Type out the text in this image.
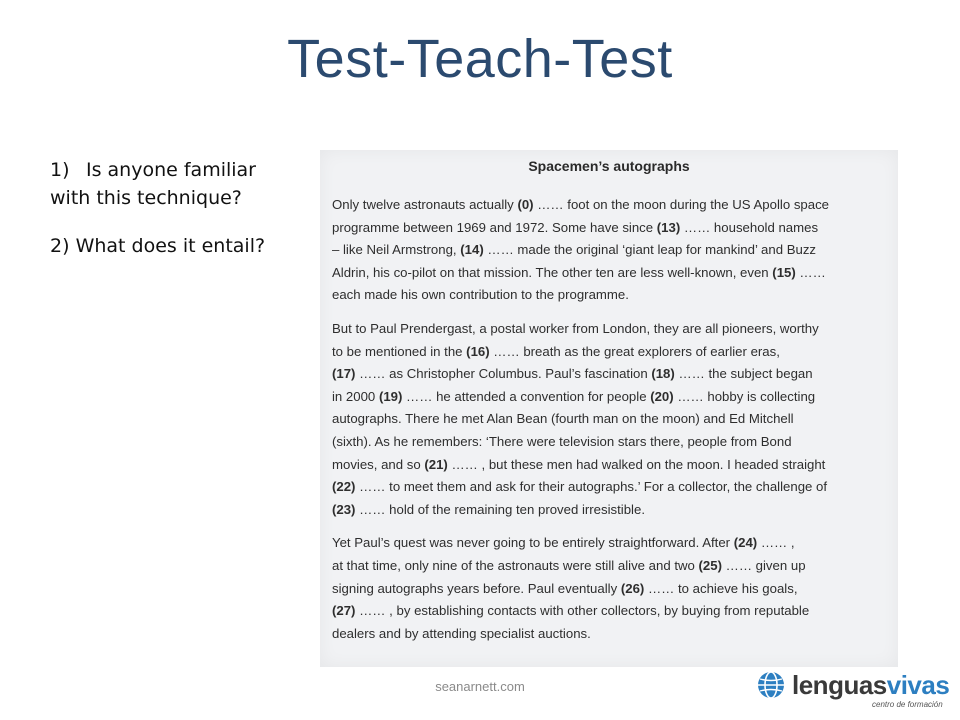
Test-Teach-Test

1) Is anyone familiar
with this technique?

2) What does it entail?

Spacemen’s autographs
Only twelve astronauts actually (0) …… foot on the moon during the US Apollo space
programme between 1969 and 1972. Some have since (13) …… household names
– like Neil Armstrong, (14) …… made the original ‘giant leap for mankind’ and Buzz
Aldrin, his co-pilot on that mission. The other ten are less well-known, even (15) ……
each made his own contribution to the programme.
But to Paul Prendergast, a postal worker from London, they are all pioneers, worthy
to be mentioned in the (16) …… breath as the great explorers of earlier eras,
(17) …… as Christopher Columbus. Paul’s fascination (18) …… the subject began
in 2000 (19) …… he attended a convention for people (20) …… hobby is collecting
autographs. There he met Alan Bean (fourth man on the moon) and Ed Mitchell
(sixth). As he remembers: ‘There were television stars there, people from Bond
movies, and so (21) …… , but these men had walked on the moon. I headed straight
(22) …… to meet them and ask for their autographs.’ For a collector, the challenge of
(23) …… hold of the remaining ten proved irresistible.
Yet Paul’s quest was never going to be entirely straightforward. After (24) …… ,
at that time, only nine of the astronauts were still alive and two (25) …… given up
signing autographs years before. Paul eventually (26) …… to achieve his goals,
(27) …… , by establishing contacts with other collectors, by buying from reputable
dealers and by attending specialist auctions.
seanarnett.com	lenguasvivas
centro de formación
